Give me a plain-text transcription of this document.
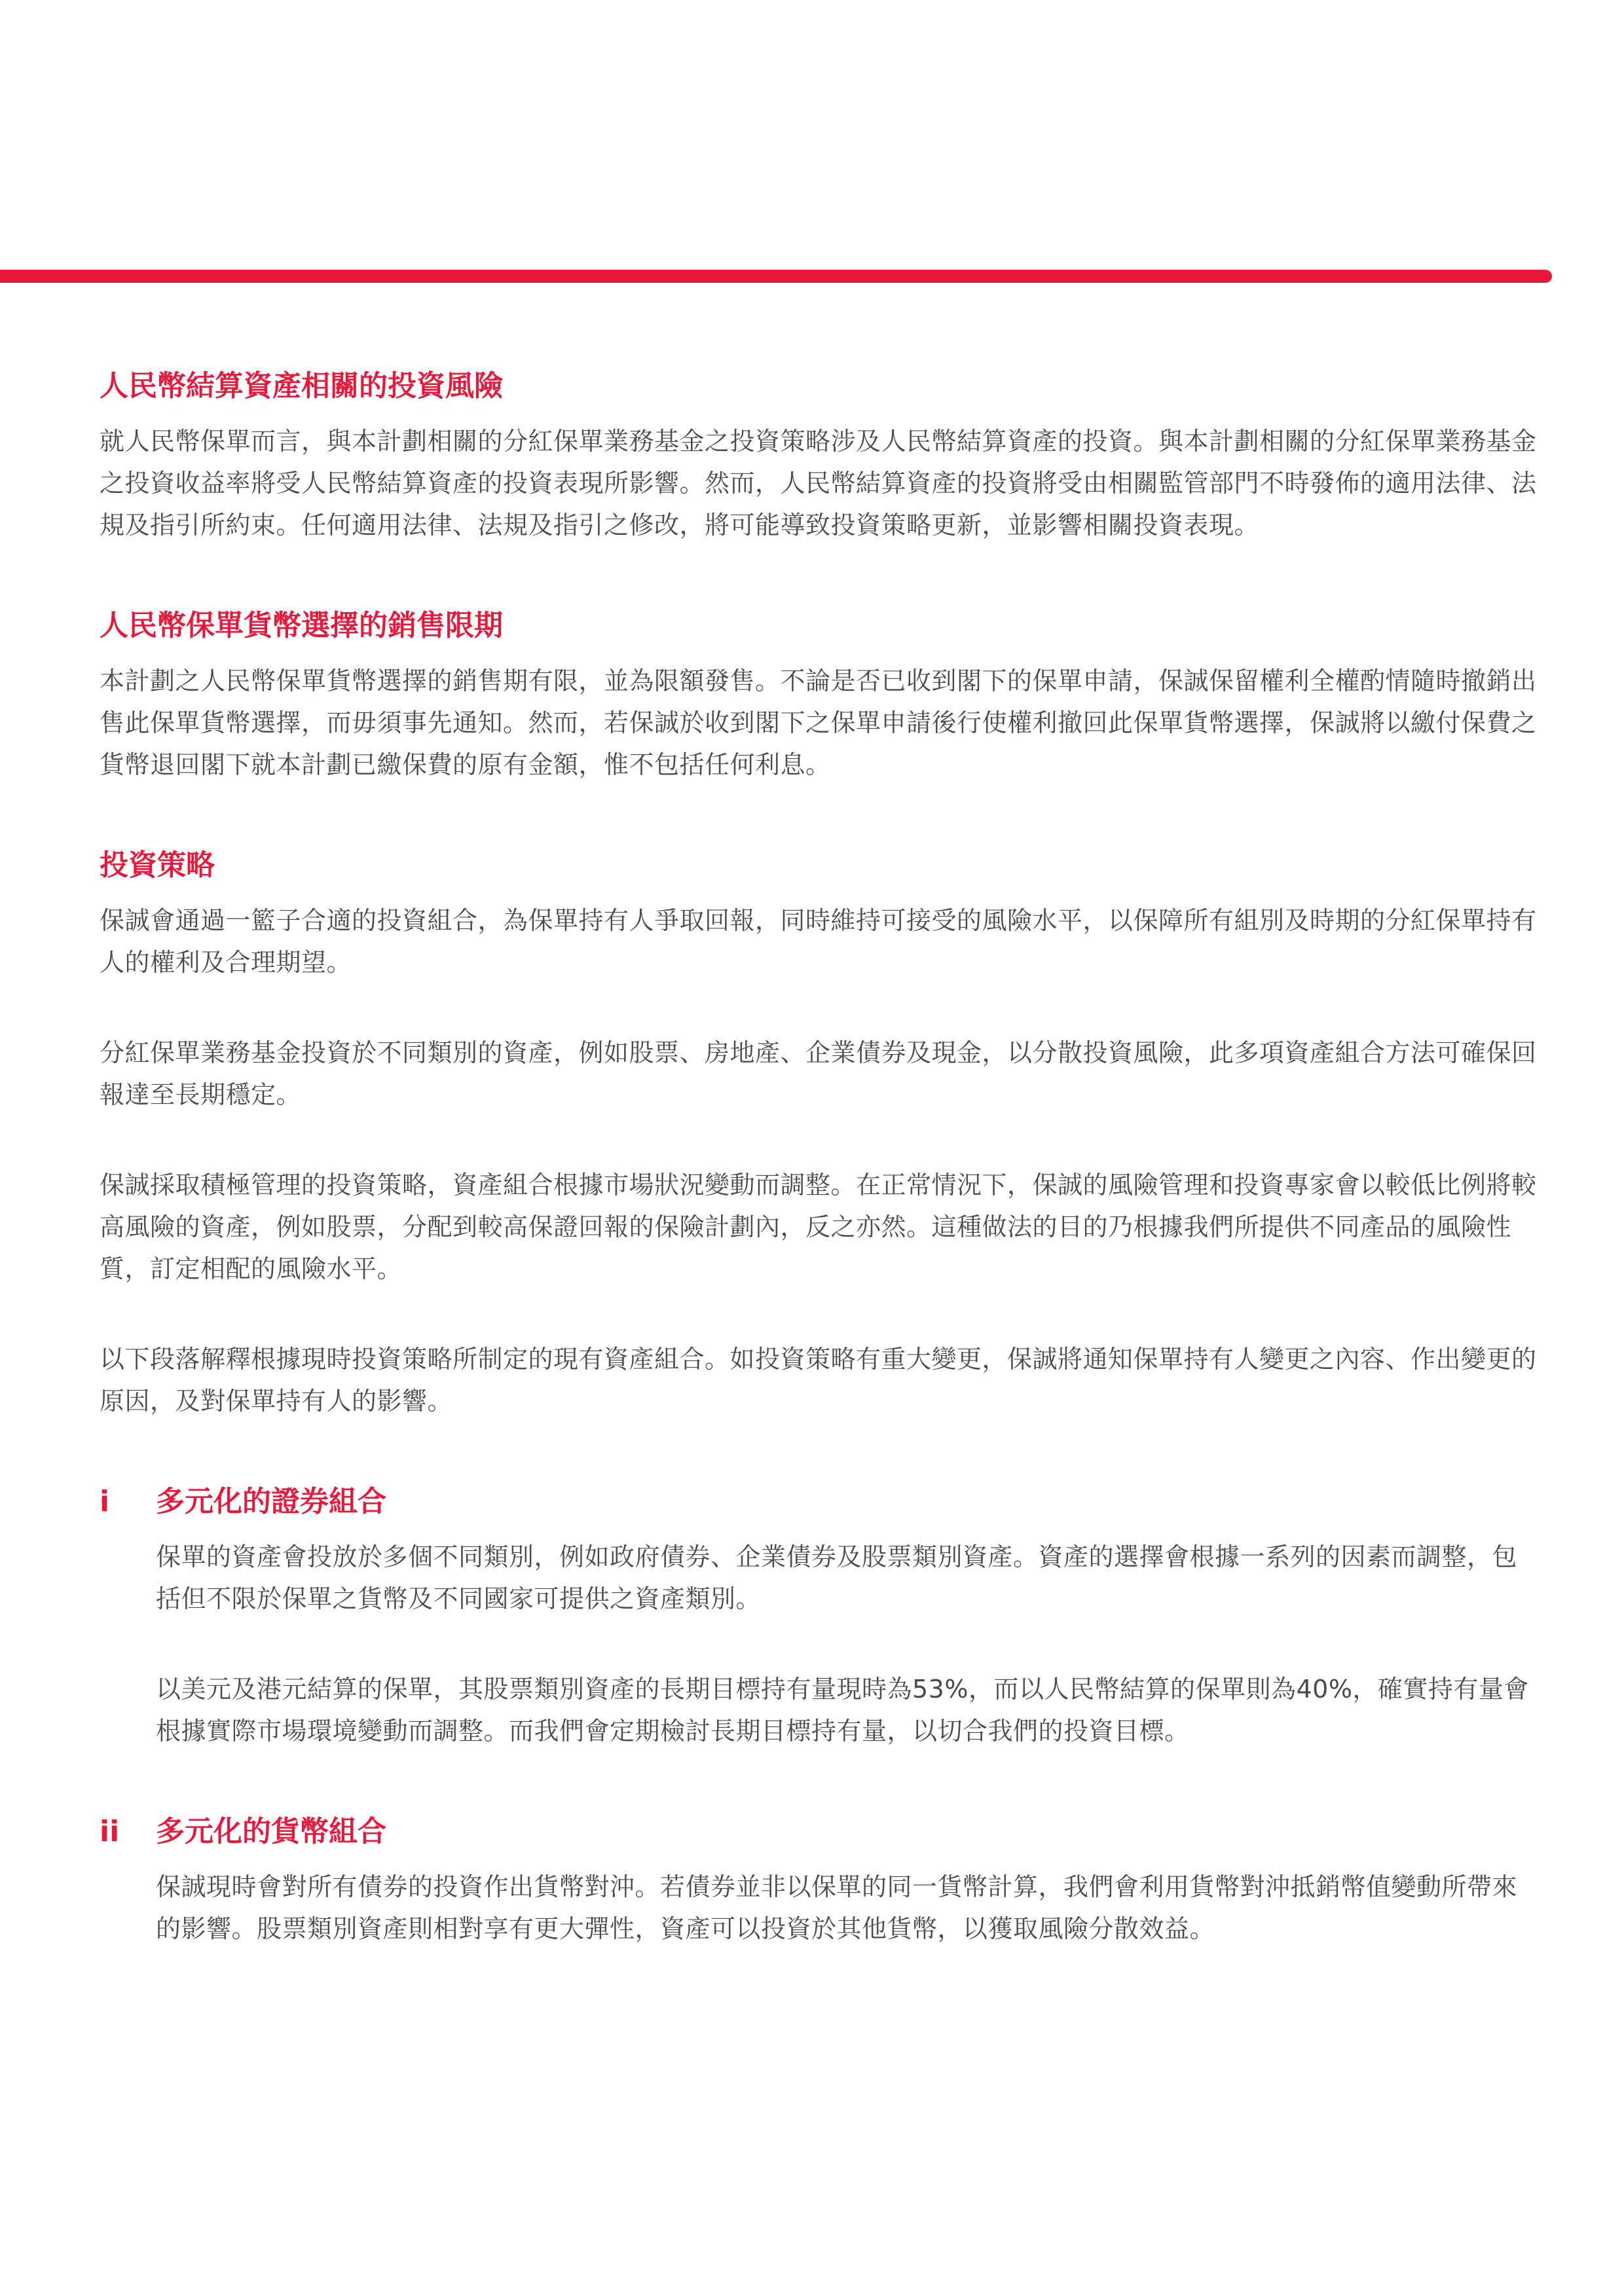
人民幣結算資產相關的投資風險

就人民幣保單而言，與本計劃相關的分紅保單業務基金之投資策略涉及人民幣結算資產的投資。與本計劃相關的分紅保單業務基金之投資收益率將受人民幣結算資產的投資表現所影響。然而，人民幣結算資產的投資將受由相關監管部門不時發佈的適用法律、法規及指引所約束。任何適用法律、法規及指引之修改，將可能導致投資策略更新，並影響相關投資表現。

人民幣保單貨幣選擇的銷售限期

本計劃之人民幣保單貨幣選擇的銷售期有限，並為限額發售。不論是否已收到閣下的保單申請，保誠保留權利全權酌情隨時撤銷出售此保單貨幣選擇，而毋須事先通知。然而，若保誠於收到閣下之保單申請後行使權利撤回此保單貨幣選擇，保誠將以繳付保費之貨幣退回閣下就本計劃已繳保費的原有金額，惟不包括任何利息。

投資策略

保誠會通過一籃子合適的投資組合，為保單持有人爭取回報，同時維持可接受的風險水平，以保障所有組別及時期的分紅保單持有人的權利及合理期望。

分紅保單業務基金投資於不同類別的資產，例如股票、房地產、企業債券及現金，以分散投資風險，此多項資產組合方法可確保回報達至長期穩定。

保誠採取積極管理的投資策略，資產組合根據市場狀況變動而調整。在正常情況下，保誠的風險管理和投資專家會以較低比例將較高風險的資產，例如股票，分配到較高保證回報的保險計劃內，反之亦然。這種做法的目的乃根據我們所提供不同產品的風險性質，訂定相配的風險水平。

以下段落解釋根據現時投資策略所制定的現有資產組合。如投資策略有重大變更，保誠將通知保單持有人變更之內容、作出變更的原因，及對保單持有人的影響。

i	多元化的證券組合

保單的資產會投放於多個不同類別，例如政府債券、企業債券及股票類別資產。資產的選擇會根據一系列的因素而調整，包括但不限於保單之貨幣及不同國家可提供之資產類別。

以美元及港元結算的保單，其股票類別資產的長期目標持有量現時為53%，而以人民幣結算的保單則為40%，確實持有量會根據實際市場環境變動而調整。而我們會定期檢討長期目標持有量，以切合我們的投資目標。

ii	多元化的貨幣組合

保誠現時會對所有債券的投資作出貨幣對沖。若債券並非以保單的同一貨幣計算，我們會利用貨幣對沖抵銷幣值變動所帶來的影響。股票類別資產則相對享有更大彈性，資產可以投資於其他貨幣，以獲取風險分散效益。
